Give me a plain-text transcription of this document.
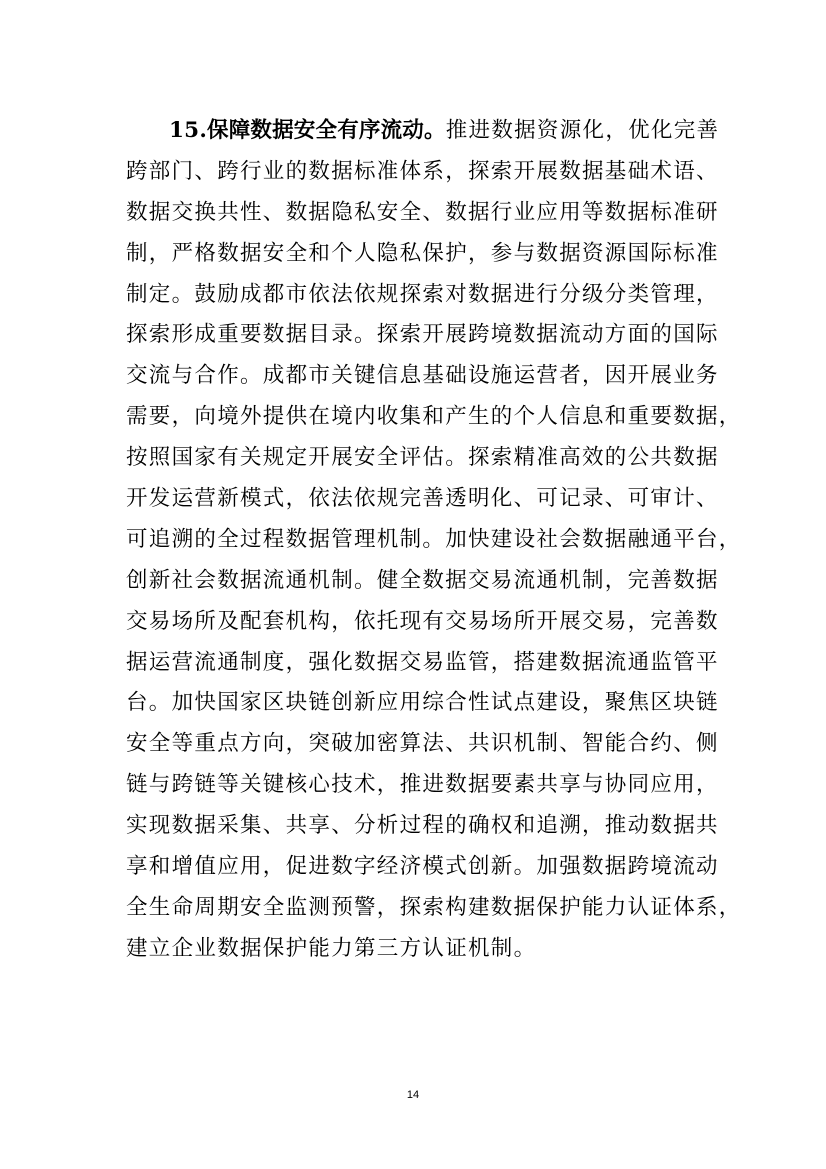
15.保障数据安全有序流动。推进数据资源化，优化完善
跨部门、跨行业的数据标准体系，探索开展数据基础术语、
数据交换共性、数据隐私安全、数据行业应用等数据标准研
制，严格数据安全和个人隐私保护，参与数据资源国际标准
制定。鼓励成都市依法依规探索对数据进行分级分类管理，
探索形成重要数据目录。探索开展跨境数据流动方面的国际
交流与合作。成都市关键信息基础设施运营者，因开展业务
需要，向境外提供在境内收集和产生的个人信息和重要数据，
按照国家有关规定开展安全评估。探索精准高效的公共数据
开发运营新模式，依法依规完善透明化、可记录、可审计、
可追溯的全过程数据管理机制。加快建设社会数据融通平台，
创新社会数据流通机制。健全数据交易流通机制，完善数据
交易场所及配套机构，依托现有交易场所开展交易，完善数
据运营流通制度，强化数据交易监管，搭建数据流通监管平
台。加快国家区块链创新应用综合性试点建设，聚焦区块链
安全等重点方向，突破加密算法、共识机制、智能合约、侧
链与跨链等关键核心技术，推进数据要素共享与协同应用，
实现数据采集、共享、分析过程的确权和追溯，推动数据共
享和增值应用，促进数字经济模式创新。加强数据跨境流动
全生命周期安全监测预警，探索构建数据保护能力认证体系，
建立企业数据保护能力第三方认证机制。
14
